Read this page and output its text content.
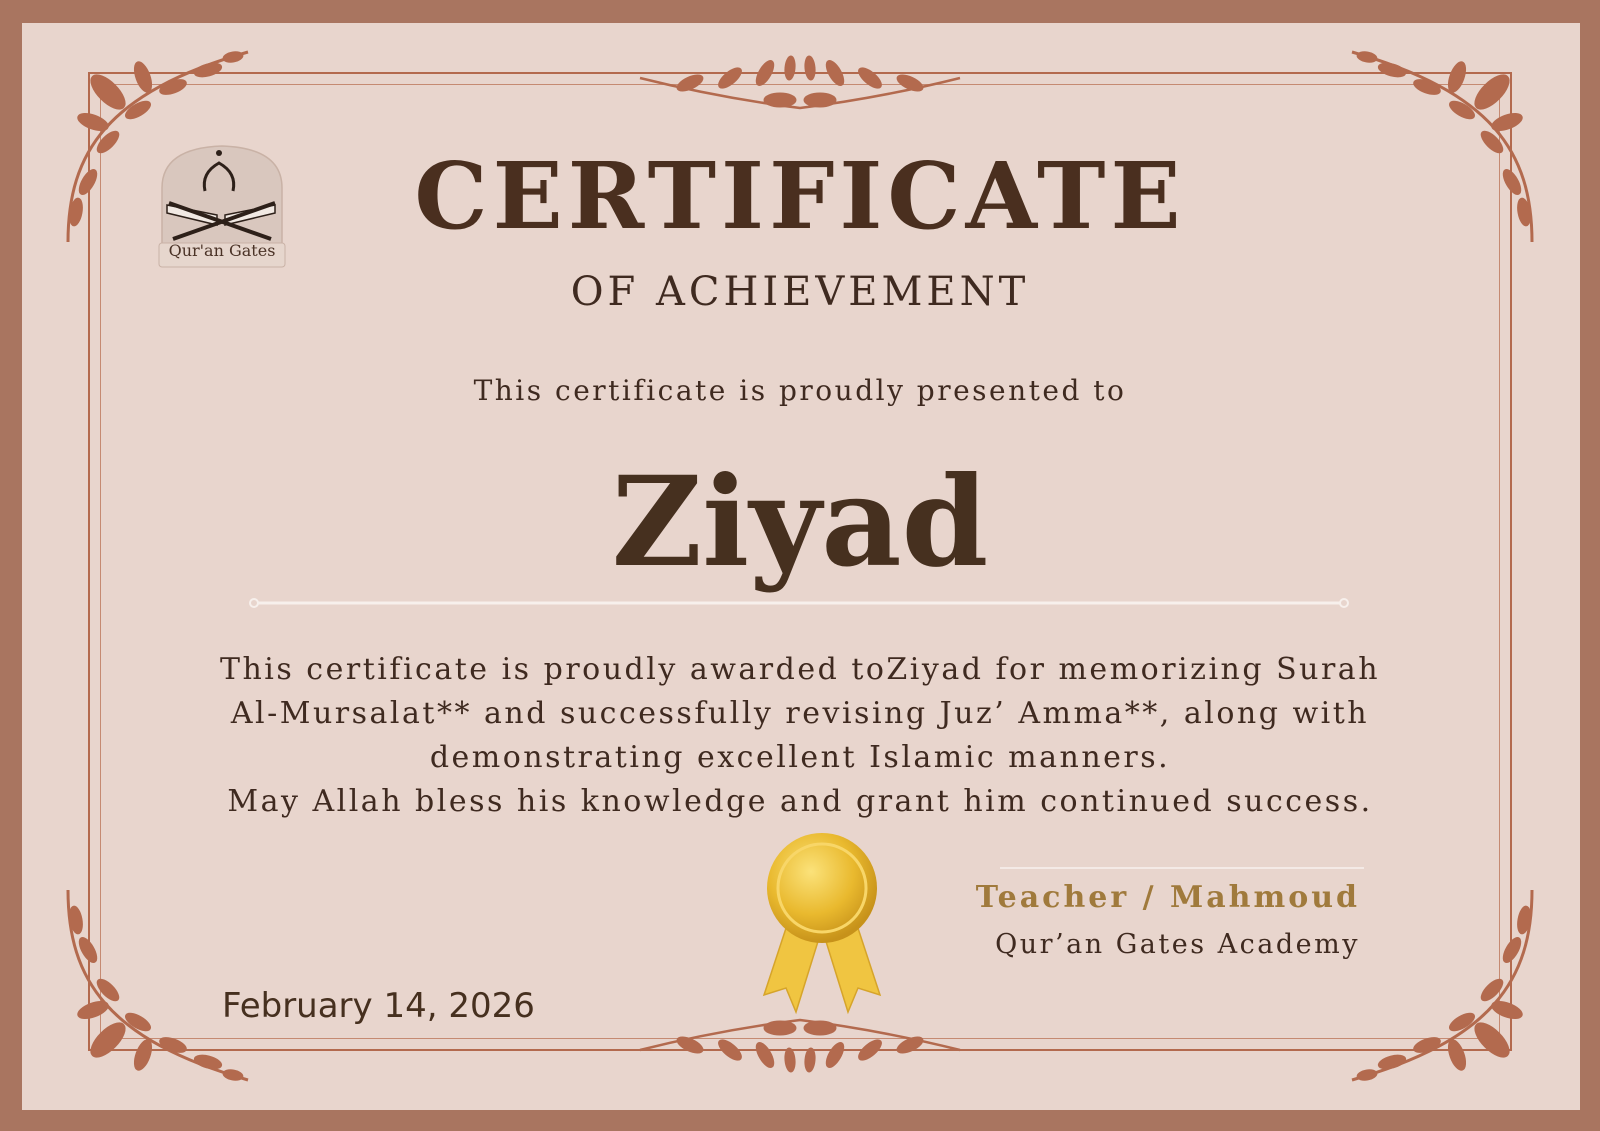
Qur'an Gates
CERTIFICATE
OF ACHIEVEMENT
This certificate is proudly presented to
Ziyad
This certificate is proudly awarded toZiyad for memorizing Surah
Al-Mursalat** and successfully revising Juz’ Amma**, along with
demonstrating excellent Islamic manners.
May Allah bless his knowledge and grant him continued success.
Teacher / Mahmoud
Qur’an Gates Academy
February 14, 2026
